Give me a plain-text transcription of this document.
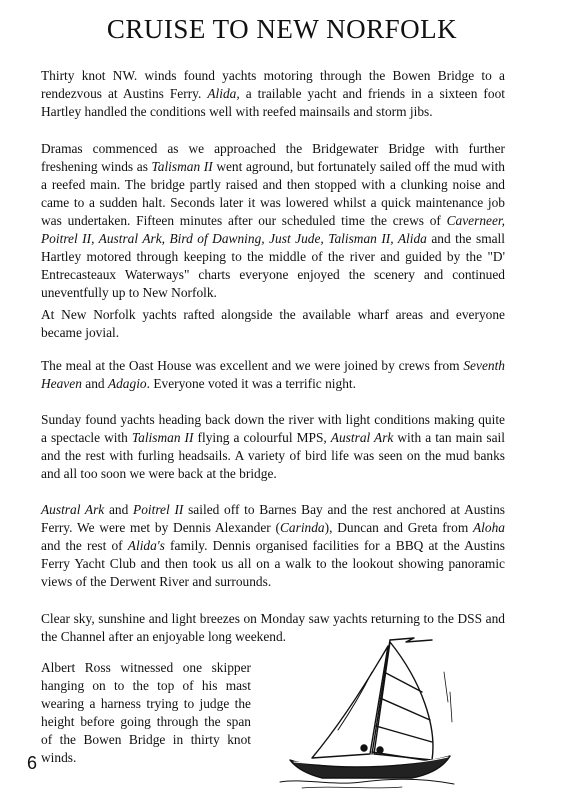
CRUISE TO NEW NORFOLK

Thirty knot NW. winds found yachts motoring through the Bowen Bridge to a rendezvous at Austins Ferry. Alida, a trailable yacht and friends in a sixteen foot Hartley handled the conditions well with reefed mainsails and storm jibs.

Dramas commenced as we approached the Bridgewater Bridge with further freshening winds as Talisman II went aground, but fortunately sailed off the mud with a reefed main. The bridge partly raised and then stopped with a clunking noise and came to a sudden halt. Seconds later it was lowered whilst a quick maintenance job was undertaken. Fifteen minutes after our scheduled time the crews of Caverneer, Poitrel II, Austral Ark, Bird of Dawning, Just Jude, Talisman II, Alida and the small Hartley motored through keeping to the middle of the river and guided by the "D' Entrecasteaux Waterways" charts everyone enjoyed the scenery and continued uneventfully up to New Norfolk.

At New Norfolk yachts rafted alongside the available wharf areas and everyone became jovial.

The meal at the Oast House was excellent and we were joined by crews from Seventh Heaven and Adagio. Everyone voted it was a terrific night.

Sunday found yachts heading back down the river with light conditions making quite a spectacle with Talisman II flying a colourful MPS, Austral Ark with a tan main sail and the rest with furling headsails. A variety of bird life was seen on the mud banks and all too soon we were back at the bridge.

Austral Ark and Poitrel II sailed off to Barnes Bay and the rest anchored at Austins Ferry. We were met by Dennis Alexander (Carinda), Duncan and Greta from Aloha and the rest of Alida's family. Dennis organised facilities for a BBQ at the Austins Ferry Yacht Club and then took us all on a walk to the lookout showing panoramic views of the Derwent River and surrounds.

Clear sky, sunshine and light breezes on Monday saw yachts returning to the DSS and the Channel after an enjoyable long weekend.

Albert Ross witnessed one skipper hanging on to the top of his mast wearing a harness trying to judge the height before going through the span of the Bowen Bridge in thirty knot winds.

6
